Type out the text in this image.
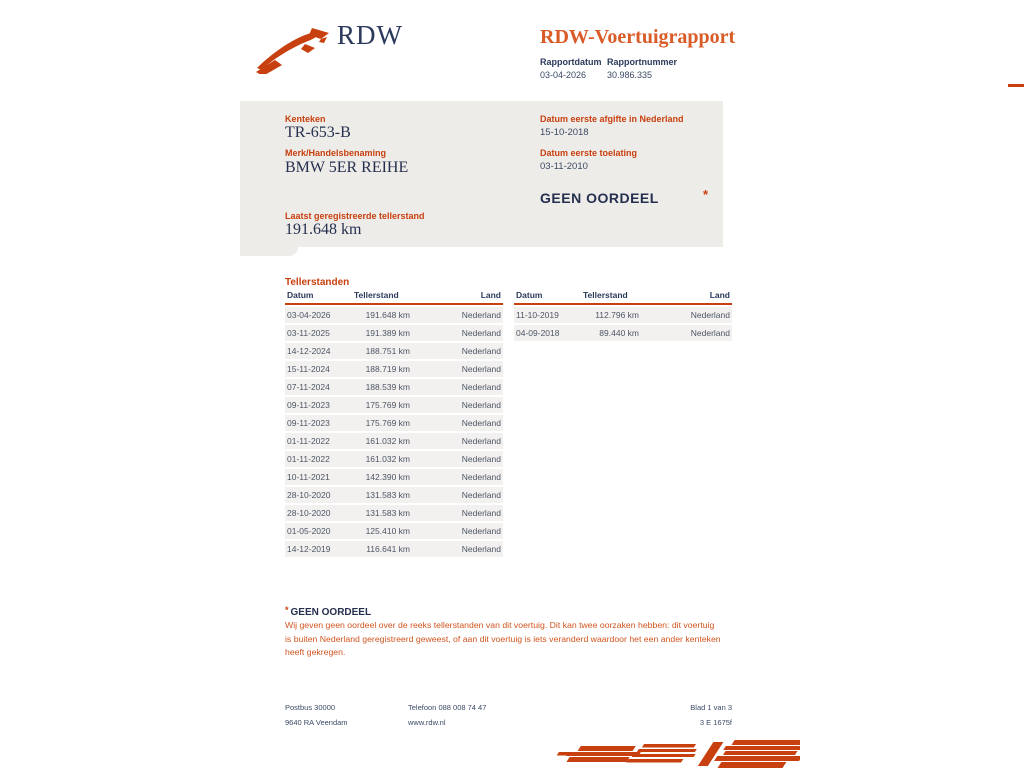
RDW	RDW-Voertuigrapport
Rapportdatum
03-04-2026
Rapportnummer
30.986.335
Kenteken
TR-653-B
Merk/Handelsbenaming
BMW 5ER REIHE
Laatst geregistreerde tellerstand
191.648 km
Datum eerste afgifte in Nederland
15-10-2018
Datum eerste toelating
03-11-2010
GEEN OORDEEL	*
Tellerstanden
Datum	Tellerstand	Land
03-04-2026	191.648 km	Nederland
03-11-2025	191.389 km	Nederland
14-12-2024	188.751 km	Nederland
15-11-2024	188.719 km	Nederland
07-11-2024	188.539 km	Nederland
09-11-2023	175.769 km	Nederland
09-11-2023	175.769 km	Nederland
01-11-2022	161.032 km	Nederland
01-11-2022	161.032 km	Nederland
10-11-2021	142.390 km	Nederland
28-10-2020	131.583 km	Nederland
28-10-2020	131.583 km	Nederland
01-05-2020	125.410 km	Nederland
14-12-2019	116.641 km	Nederland
Datum	Tellerstand	Land
11-10-2019	112.796 km	Nederland
04-09-2018	89.440 km	Nederland
* GEEN OORDEEL
Wij geven geen oordeel over de reeks tellerstanden van dit voertuig. Dit kan twee oorzaken hebben: dit voertuig is buiten Nederland geregistreerd geweest, of aan dit voertuig is iets veranderd waardoor het een ander kenteken heeft gekregen.
Postbus 30000
9640 RA Veendam
Telefoon 088 008 74 47
www.rdw.nl
Blad 1 van 3
3 E 1675f
